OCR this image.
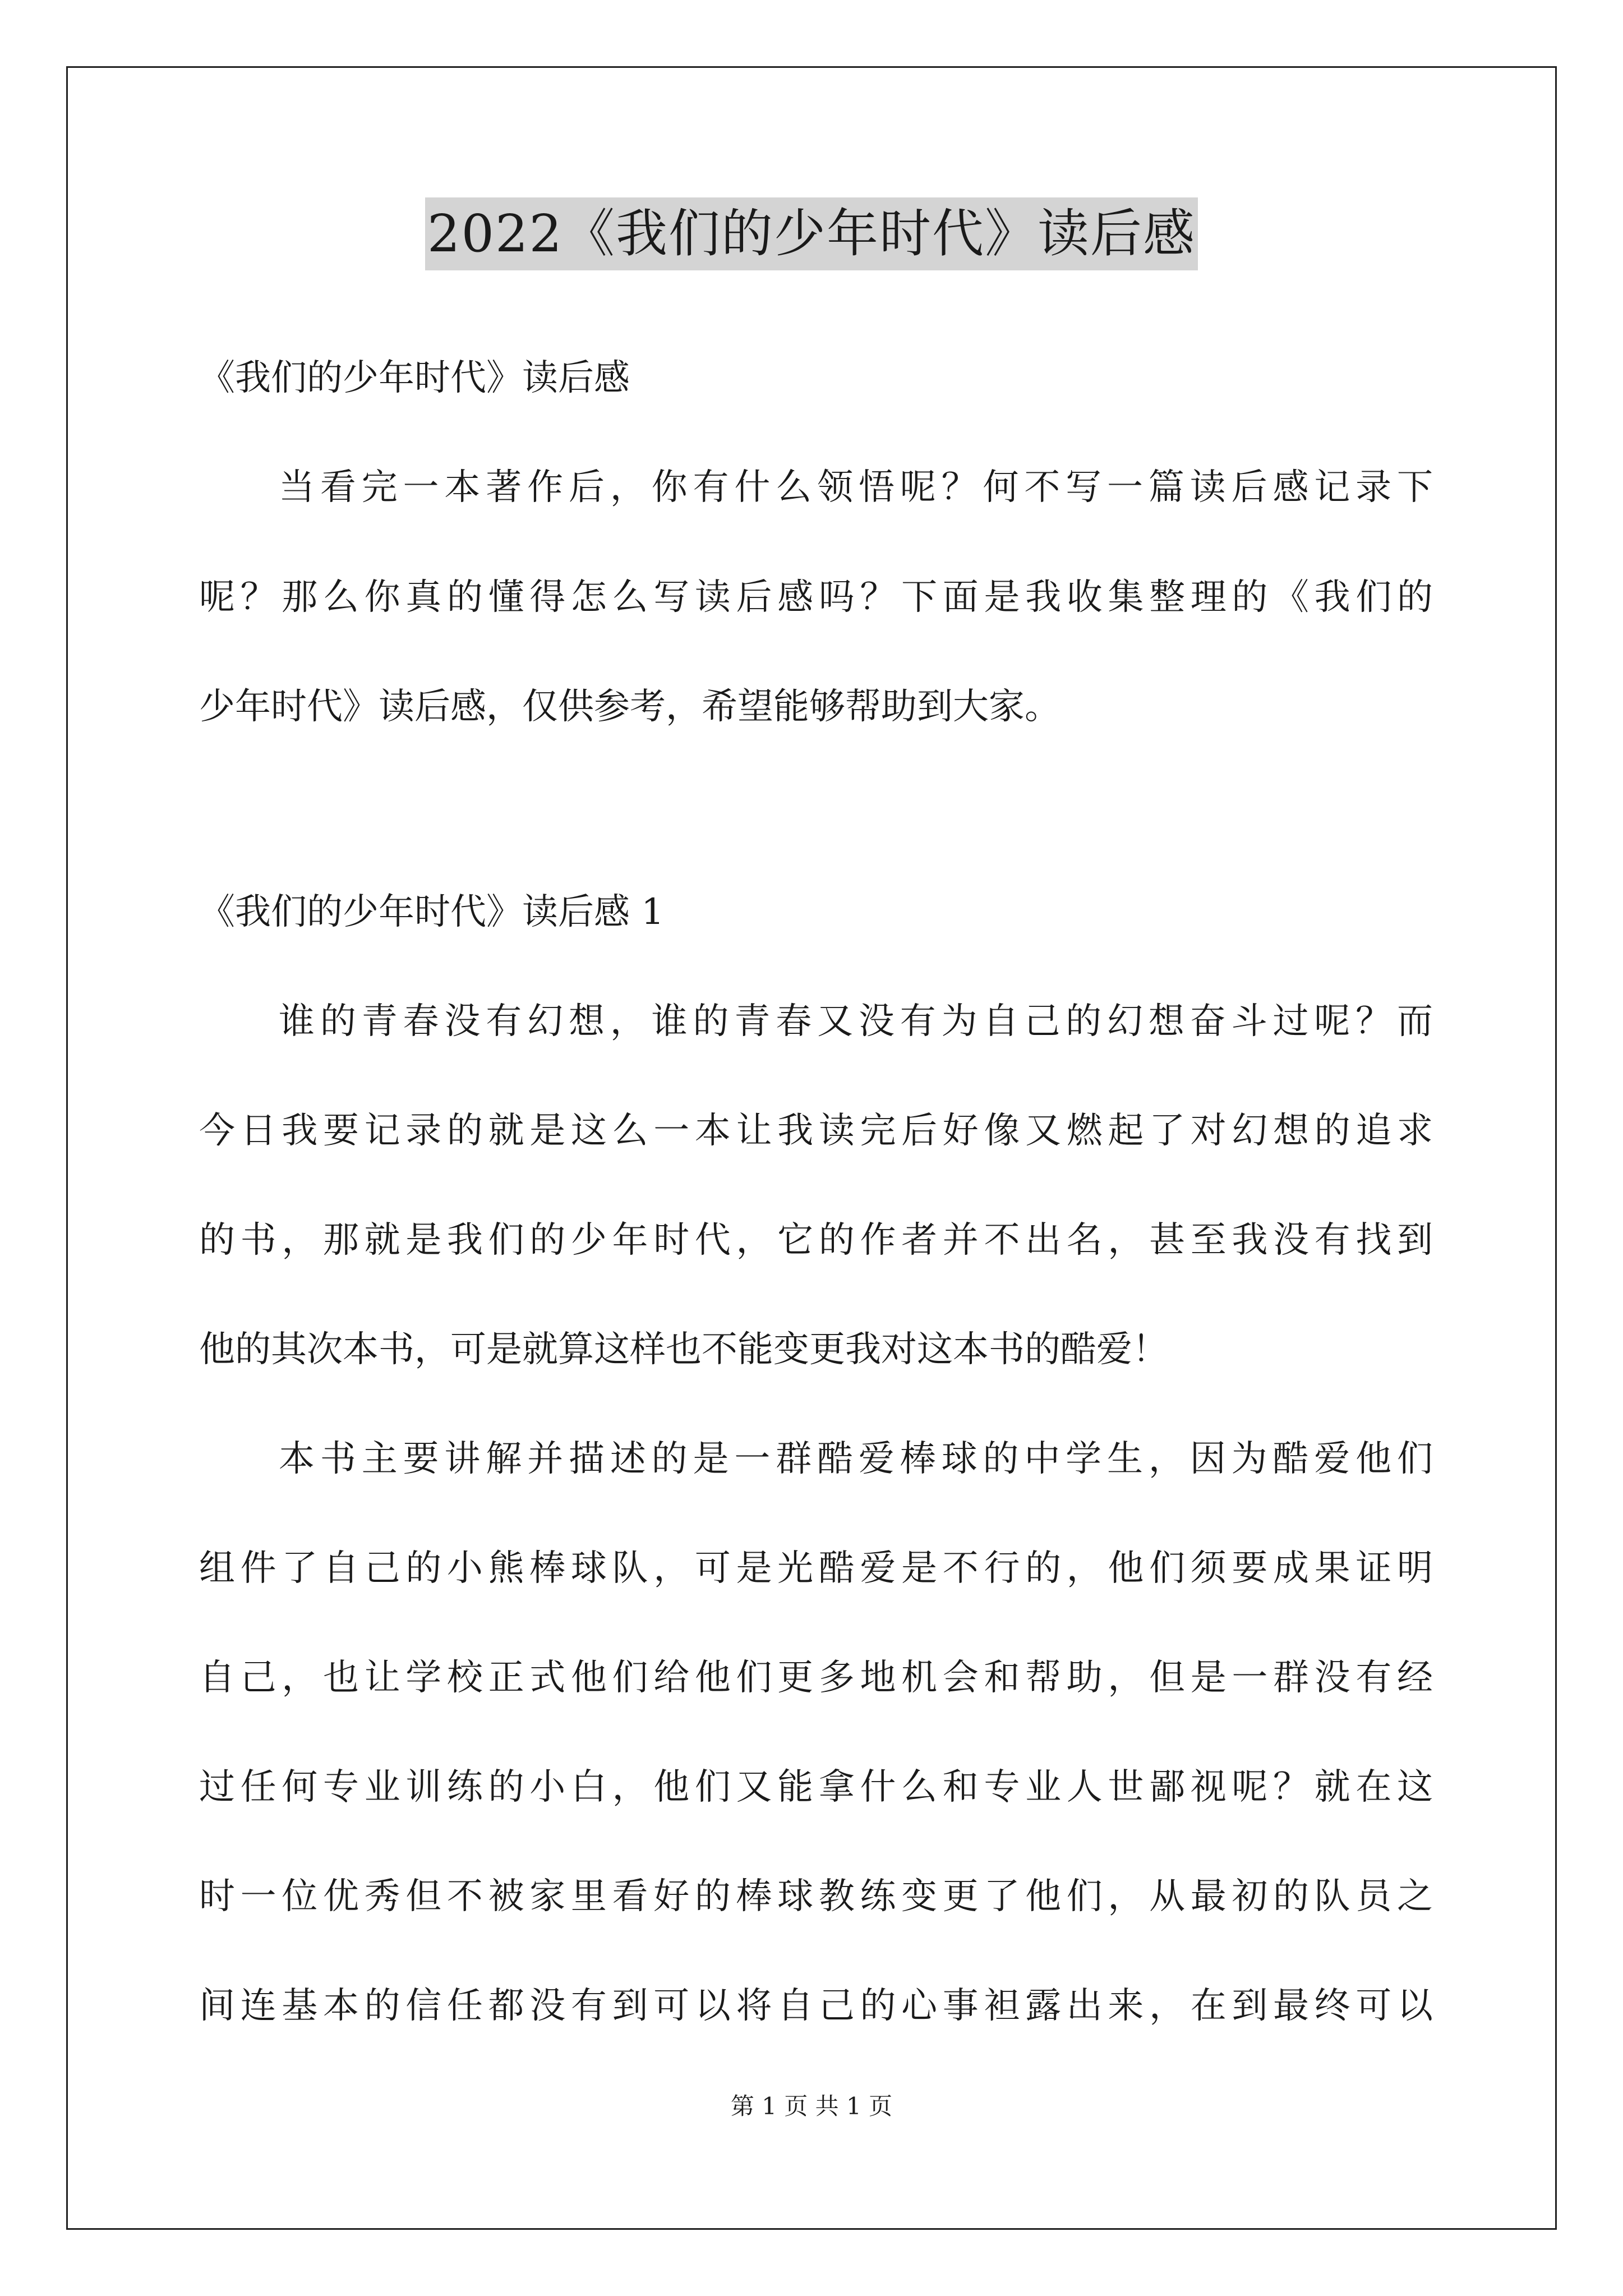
2022《我们的少年时代》读后感
《我们的少年时代》读后感
当看完一本著作后，你有什么领悟呢？何不写一篇读后感记录下
呢？那么你真的懂得怎么写读后感吗？下面是我收集整理的《我们的
少年时代》读后感，仅供参考，希望能够帮助到大家。
《我们的少年时代》读后感 1
谁的青春没有幻想，谁的青春又没有为自己的幻想奋斗过呢？而
今日我要记录的就是这么一本让我读完后好像又燃起了对幻想的追求
的书，那就是我们的少年时代，它的作者并不出名，甚至我没有找到
他的其次本书，可是就算这样也不能变更我对这本书的酷爱！
本书主要讲解并描述的是一群酷爱棒球的中学生，因为酷爱他们
组件了自己的小熊棒球队，可是光酷爱是不行的，他们须要成果证明
自己，也让学校正式他们给他们更多地机会和帮助，但是一群没有经
过任何专业训练的小白，他们又能拿什么和专业人世鄙视呢？就在这
时一位优秀但不被家里看好的棒球教练变更了他们，从最初的队员之
间连基本的信任都没有到可以将自己的心事袒露出来，在到最终可以
第 1 页 共 1 页
